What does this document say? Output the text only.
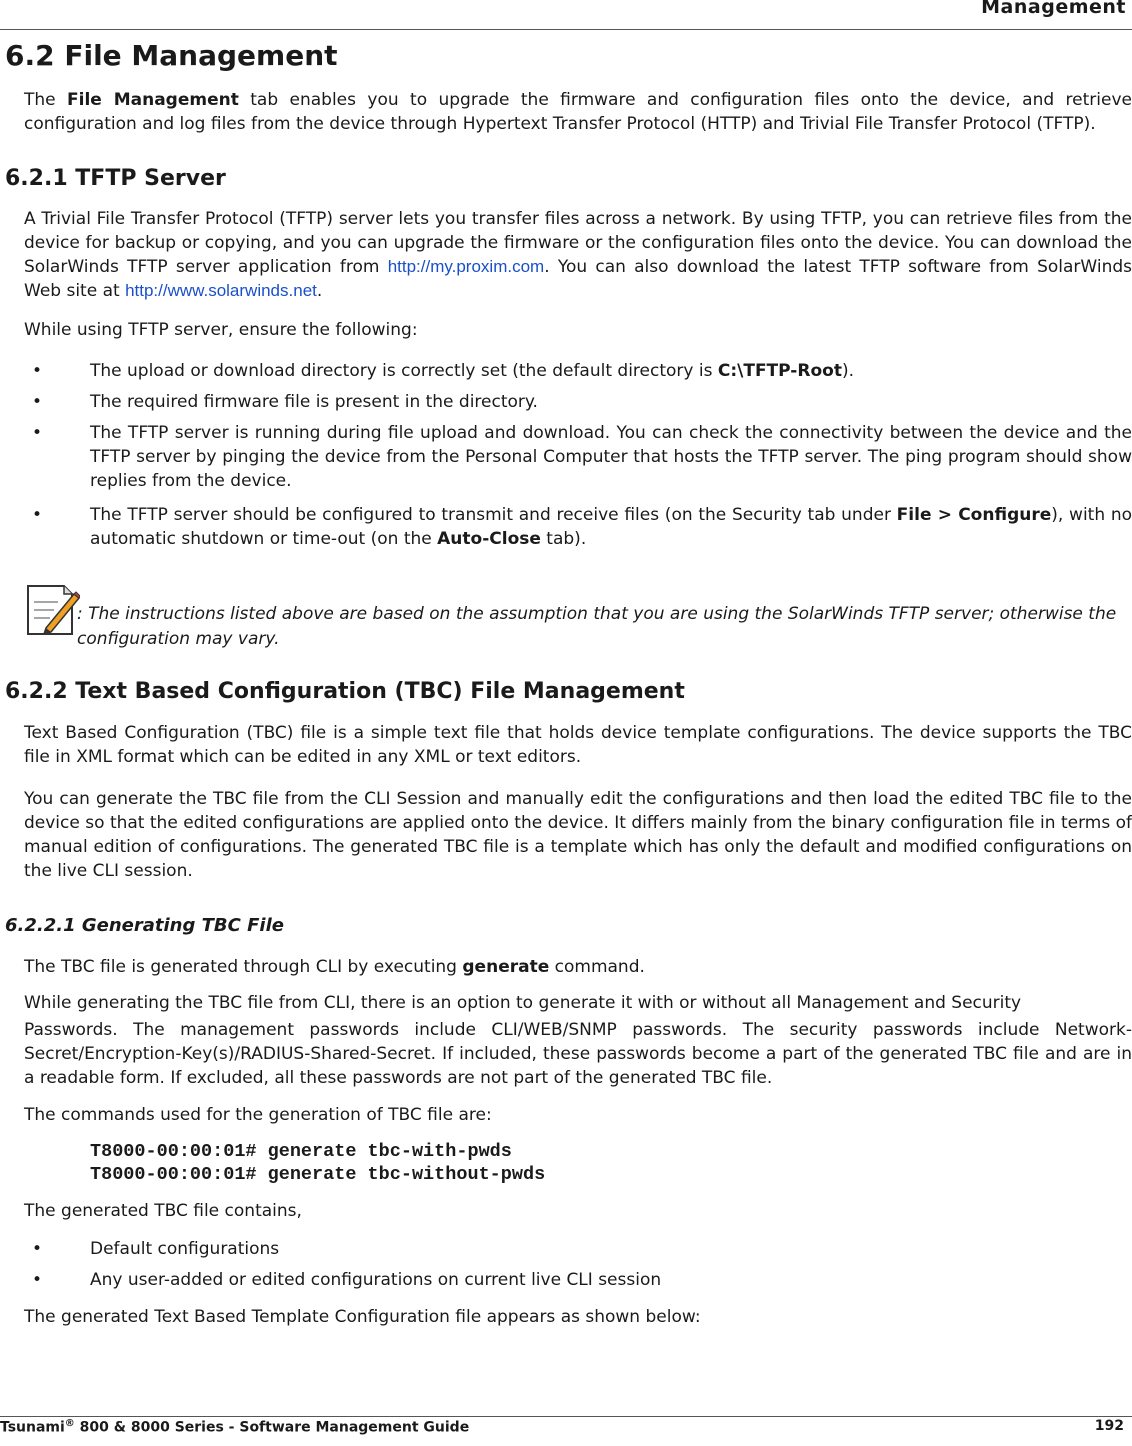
Management
6.2 File Management

The File Management tab enables you to upgrade the firmware and configuration files onto the device, and retrieve configuration and log files from the device through Hypertext Transfer Protocol (HTTP) and Trivial File Transfer Protocol (TFTP).

6.2.1 TFTP Server

A Trivial File Transfer Protocol (TFTP) server lets you transfer files across a network. By using TFTP, you can retrieve files from the device for backup or copying, and you can upgrade the firmware or the configuration files onto the device. You can download the SolarWinds TFTP server application from http://my.proxim.com. You can also download the latest TFTP software from SolarWinds Web site at http://www.solarwinds.net.

While using TFTP server, ensure the following:

•	The upload or download directory is correctly set (the default directory is C:\TFTP-Root).

•	The required firmware file is present in the directory.

•	The TFTP server is running during file upload and download. You can check the connectivity between the device and the TFTP server by pinging the device from the Personal Computer that hosts the TFTP server. The ping program should show replies from the device.

•	The TFTP server should be configured to transmit and receive files (on the Security tab under File > Configure), with no automatic shutdown or time-out (on the Auto-Close tab).

: The instructions listed above are based on the assumption that you are using the SolarWinds TFTP server; otherwise the configuration may vary.

6.2.2 Text Based Configuration (TBC) File Management

Text Based Configuration (TBC) file is a simple text file that holds device template configurations. The device supports the TBC file in XML format which can be edited in any XML or text editors.

You can generate the TBC file from the CLI Session and manually edit the configurations and then load the edited TBC file to the device so that the edited configurations are applied onto the device. It differs mainly from the binary configuration file in terms of manual edition of configurations. The generated TBC file is a template which has only the default and modified configurations on the live CLI session.

6.2.2.1 Generating TBC File

The TBC file is generated through CLI by executing generate command.

While generating the TBC file from CLI, there is an option to generate it with or without all Management and Security

Passwords. The management passwords include CLI/WEB/SNMP passwords. The security passwords include Network-Secret/Encryption-Key(s)/RADIUS-Shared-Secret. If included, these passwords become a part of the generated TBC file and are in a readable form. If excluded, all these passwords are not part of the generated TBC file.

The commands used for the generation of TBC file are:

T8000-00:00:01# generate tbc-with-pwds
T8000-00:00:01# generate tbc-without-pwds

The generated TBC file contains,

•	Default configurations

•	Any user-added or edited configurations on current live CLI session

The generated Text Based Template Configuration file appears as shown below:

Tsunami® 800 & 8000 Series - Software Management Guide	192
